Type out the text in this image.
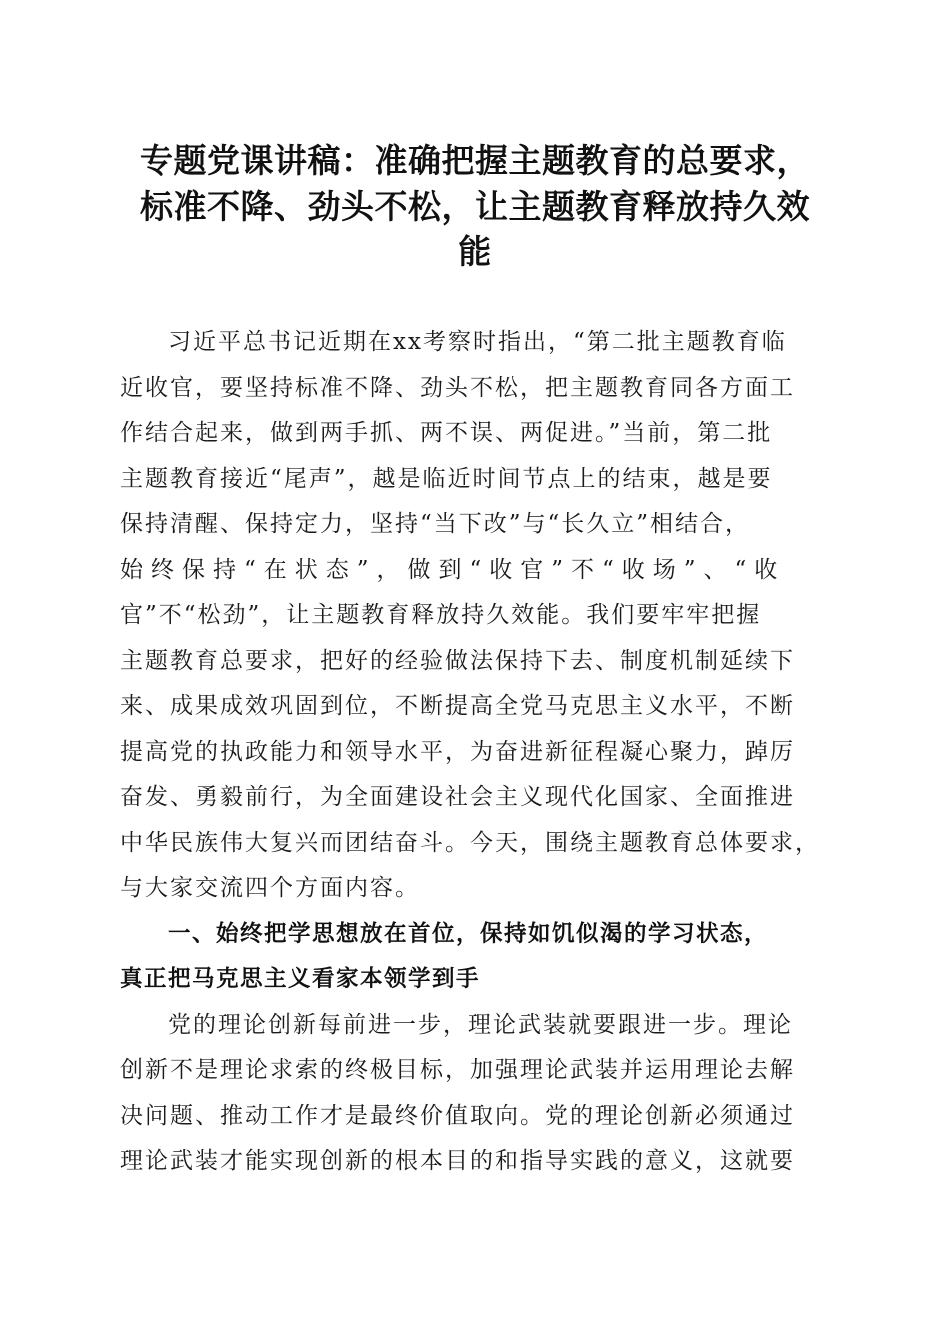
专题党课讲稿：准确把握主题教育的总要求，
标准不降、劲头不松，让主题教育释放持久效
能
习近平总书记近期在xx考察时指出，“第二批主题教育临
近收官，要坚持标准不降、劲头不松，把主题教育同各方面工
作结合起来，做到两手抓、两不误、两促进。”当前，第二批
主题教育接近“尾声”，越是临近时间节点上的结束，越是要
保持清醒、保持定力，坚持“当下改”与“长久立”相结合，
始终保持“在状态”，做到“收官”不“收场”、“收
官”不“松劲”，让主题教育释放持久效能。我们要牢牢把握
主题教育总要求，把好的经验做法保持下去、制度机制延续下
来、成果成效巩固到位，不断提高全党马克思主义水平，不断
提高党的执政能力和领导水平，为奋进新征程凝心聚力，踔厉
奋发、勇毅前行，为全面建设社会主义现代化国家、全面推进
中华民族伟大复兴而团结奋斗。今天，围绕主题教育总体要求，
与大家交流四个方面内容。
一、始终把学思想放在首位，保持如饥似渴的学习状态，
真正把马克思主义看家本领学到手
党的理论创新每前进一步，理论武装就要跟进一步。理论
创新不是理论求索的终极目标，加强理论武装并运用理论去解
决问题、推动工作才是最终价值取向。党的理论创新必须通过
理论武装才能实现创新的根本目的和指导实践的意义，这就要
